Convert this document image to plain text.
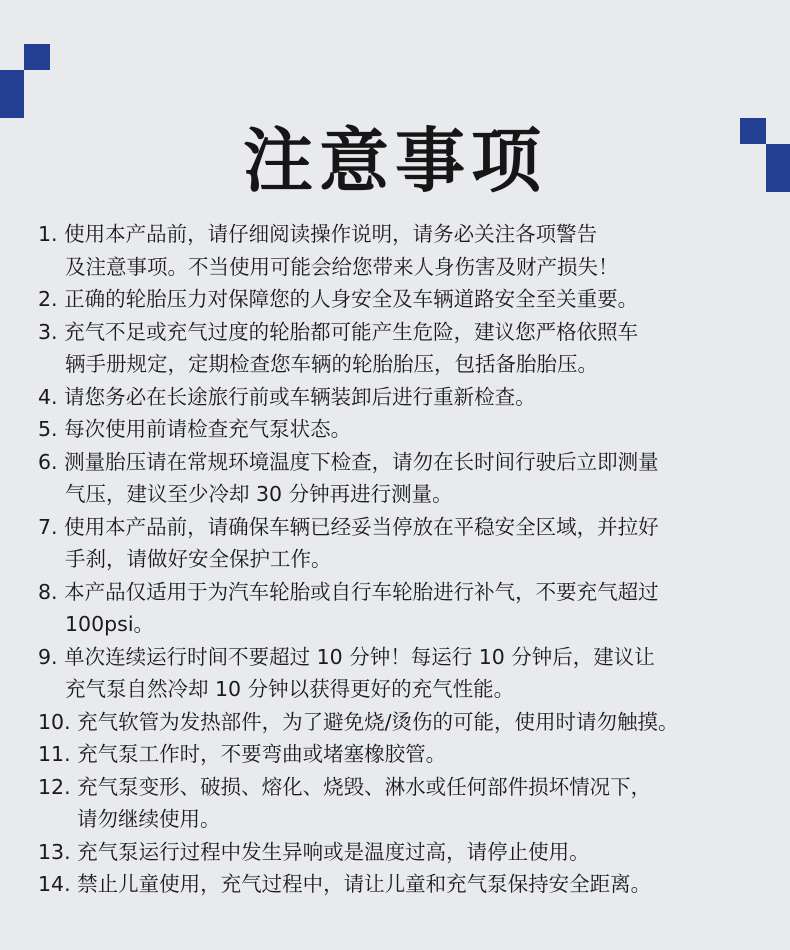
注意事项
1. 使用本产品前，请仔细阅读操作说明，请务必关注各项警告
及注意事项。不当使用可能会给您带来人身伤害及财产损失！
2. 正确的轮胎压力对保障您的人身安全及车辆道路安全至关重要。
3. 充气不足或充气过度的轮胎都可能产生危险，建议您严格依照车
辆手册规定，定期检查您车辆的轮胎胎压，包括备胎胎压。
4. 请您务必在长途旅行前或车辆装卸后进行重新检查。
5. 每次使用前请检查充气泵状态。
6. 测量胎压请在常规环境温度下检查，请勿在长时间行驶后立即测量
气压，建议至少冷却 30 分钟再进行测量。
7. 使用本产品前，请确保车辆已经妥当停放在平稳安全区域，并拉好
手刹，请做好安全保护工作。
8. 本产品仅适用于为汽车轮胎或自行车轮胎进行补气，不要充气超过
100psi。
9. 单次连续运行时间不要超过 10 分钟！每运行 10 分钟后，建议让
充气泵自然冷却 10 分钟以获得更好的充气性能。
10. 充气软管为发热部件，为了避免烧/烫伤的可能，使用时请勿触摸。
11. 充气泵工作时，不要弯曲或堵塞橡胶管。
12. 充气泵变形、破损、熔化、烧毁、淋水或任何部件损坏情况下，
请勿继续使用。
13. 充气泵运行过程中发生异响或是温度过高，请停止使用。
14. 禁止儿童使用，充气过程中，请让儿童和充气泵保持安全距离。
